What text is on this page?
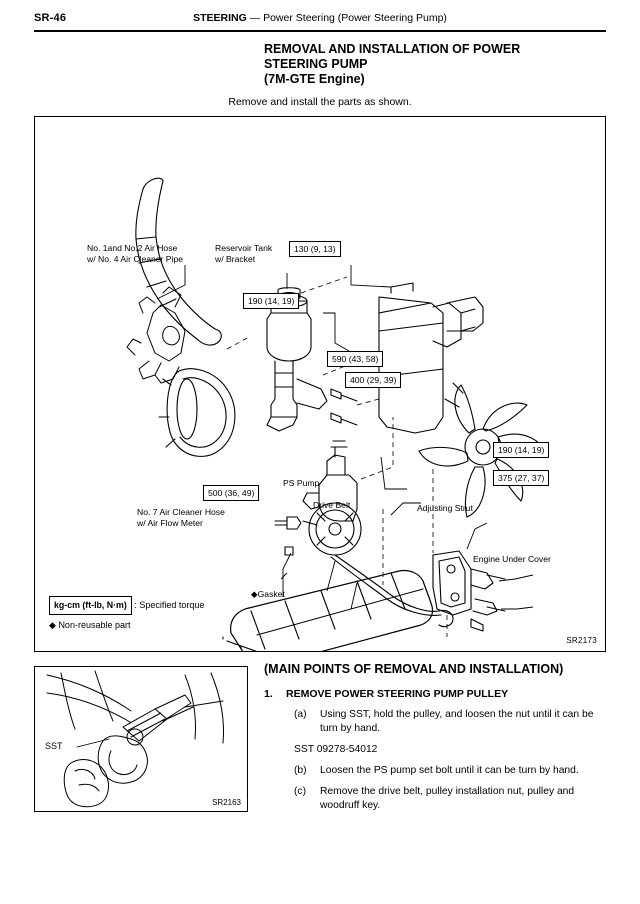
SR-46	STEERING — Power Steering (Power Steering Pump)
REMOVAL AND INSTALLATION OF POWER
STEERING PUMP
(7M-GTE Engine)
Remove and install the parts as shown.
No. 1and No.2 Air Hose
w/ No. 4 Air Cleaner Pipe
Reservoir Tank
w/ Bracket
Adjusting Strut
◆Gasket
PS Pump
Drive Belt
No. 7 Air Cleaner Hose
w/ Air Flow Meter
Engine Under Cover
130 (9, 13)
190 (14, 19)
590 (43, 58)
400 (29, 39)
190 (14, 19)
375 (27, 37)
500 (36, 49)
kg-cm (ft-lb, N·m) : Specified torque
◆ Non-reusable part
SR2173
SST
SR2163
(MAIN POINTS OF REMOVAL AND INSTALLATION)
1. REMOVE POWER STEERING PUMP PULLEY
(a) Using SST, hold the pulley, and loosen the nut until it can be turn by hand.
SST 09278-54012
(b) Loosen the PS pump set bolt until it can be turn by hand.
(c) Remove the drive belt, pulley installation nut, pulley and woodruff key.
